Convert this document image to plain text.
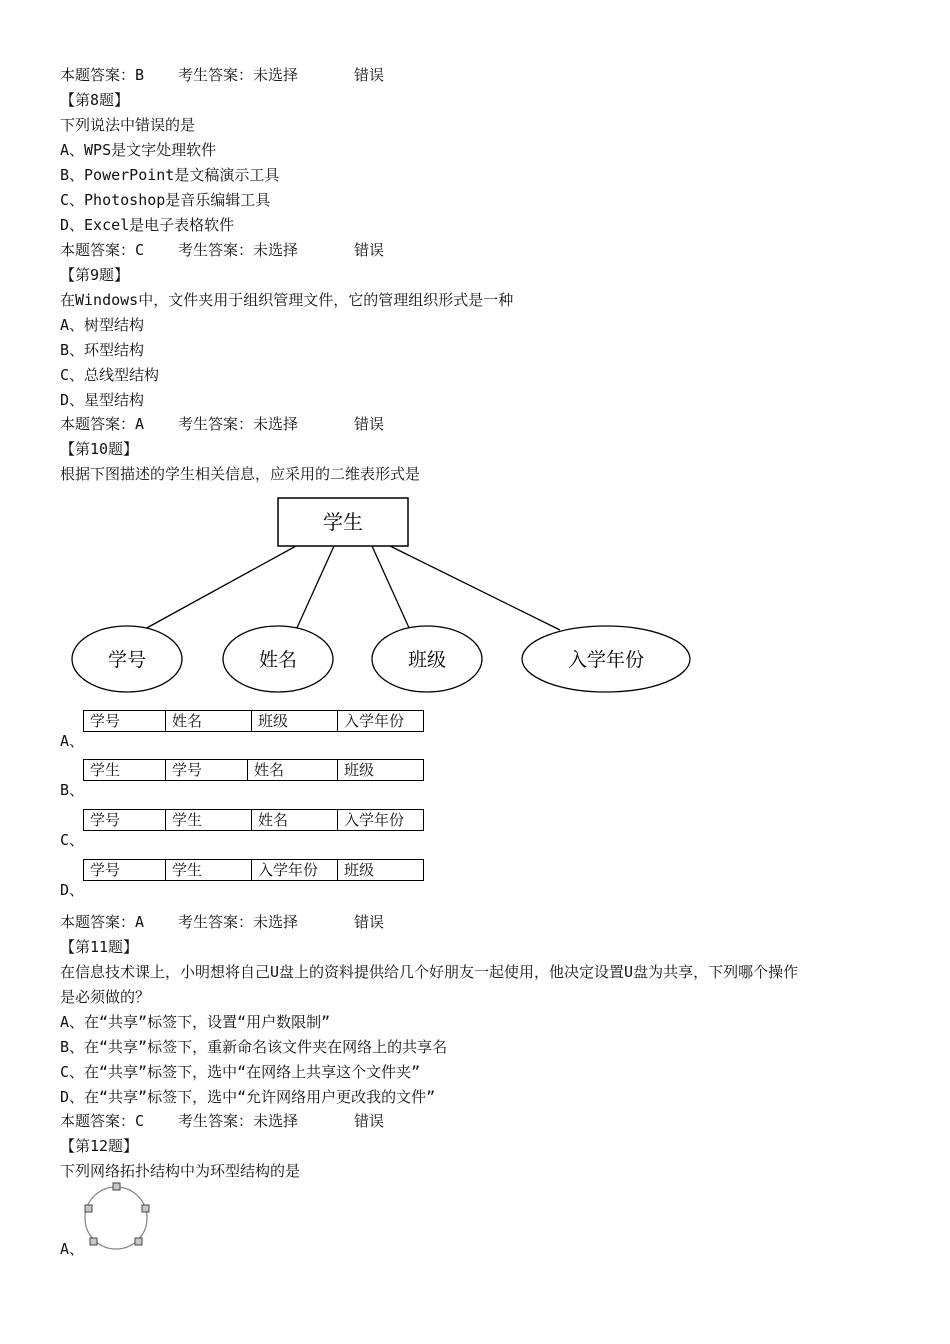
本题答案：B 考生答案：未选择	错误
【第8题】
下列说法中错误的是
A、WPS是文字处理软件
B、PowerPoint是文稿演示工具
C、Photoshop是音乐编辑工具
D、Excel是电子表格软件
本题答案：C 考生答案：未选择	错误
【第9题】
在Windows中，文件夹用于组织管理文件，它的管理组织形式是一种
A、树型结构
B、环型结构
C、总线型结构
D、星型结构
本题答案：A 考生答案：未选择	错误
【第10题】
根据下图描述的学生相关信息，应采用的二维表形式是
学生
学号	姓名	班级	入学年份
学号	姓名	班级	入学年份
A、
学生	学号	姓名	班级
B、
学号	学生	姓名	入学年份
C、
学号	学生	入学年份	班级
D、
本题答案：A 考生答案：未选择	错误
【第11题】
在信息技术课上，小明想将自己U盘上的资料提供给几个好朋友一起使用，他决定设置U盘为共享，下列哪个操作
是必须做的？
A、在“共享”标签下，设置“用户数限制”
B、在“共享”标签下，重新命名该文件夹在网络上的共享名
C、在“共享”标签下，选中“在网络上共享这个文件夹”
D、在“共享”标签下，选中“允许网络用户更改我的文件”
本题答案：C 考生答案：未选择	错误
【第12题】
下列网络拓扑结构中为环型结构的是
A、
